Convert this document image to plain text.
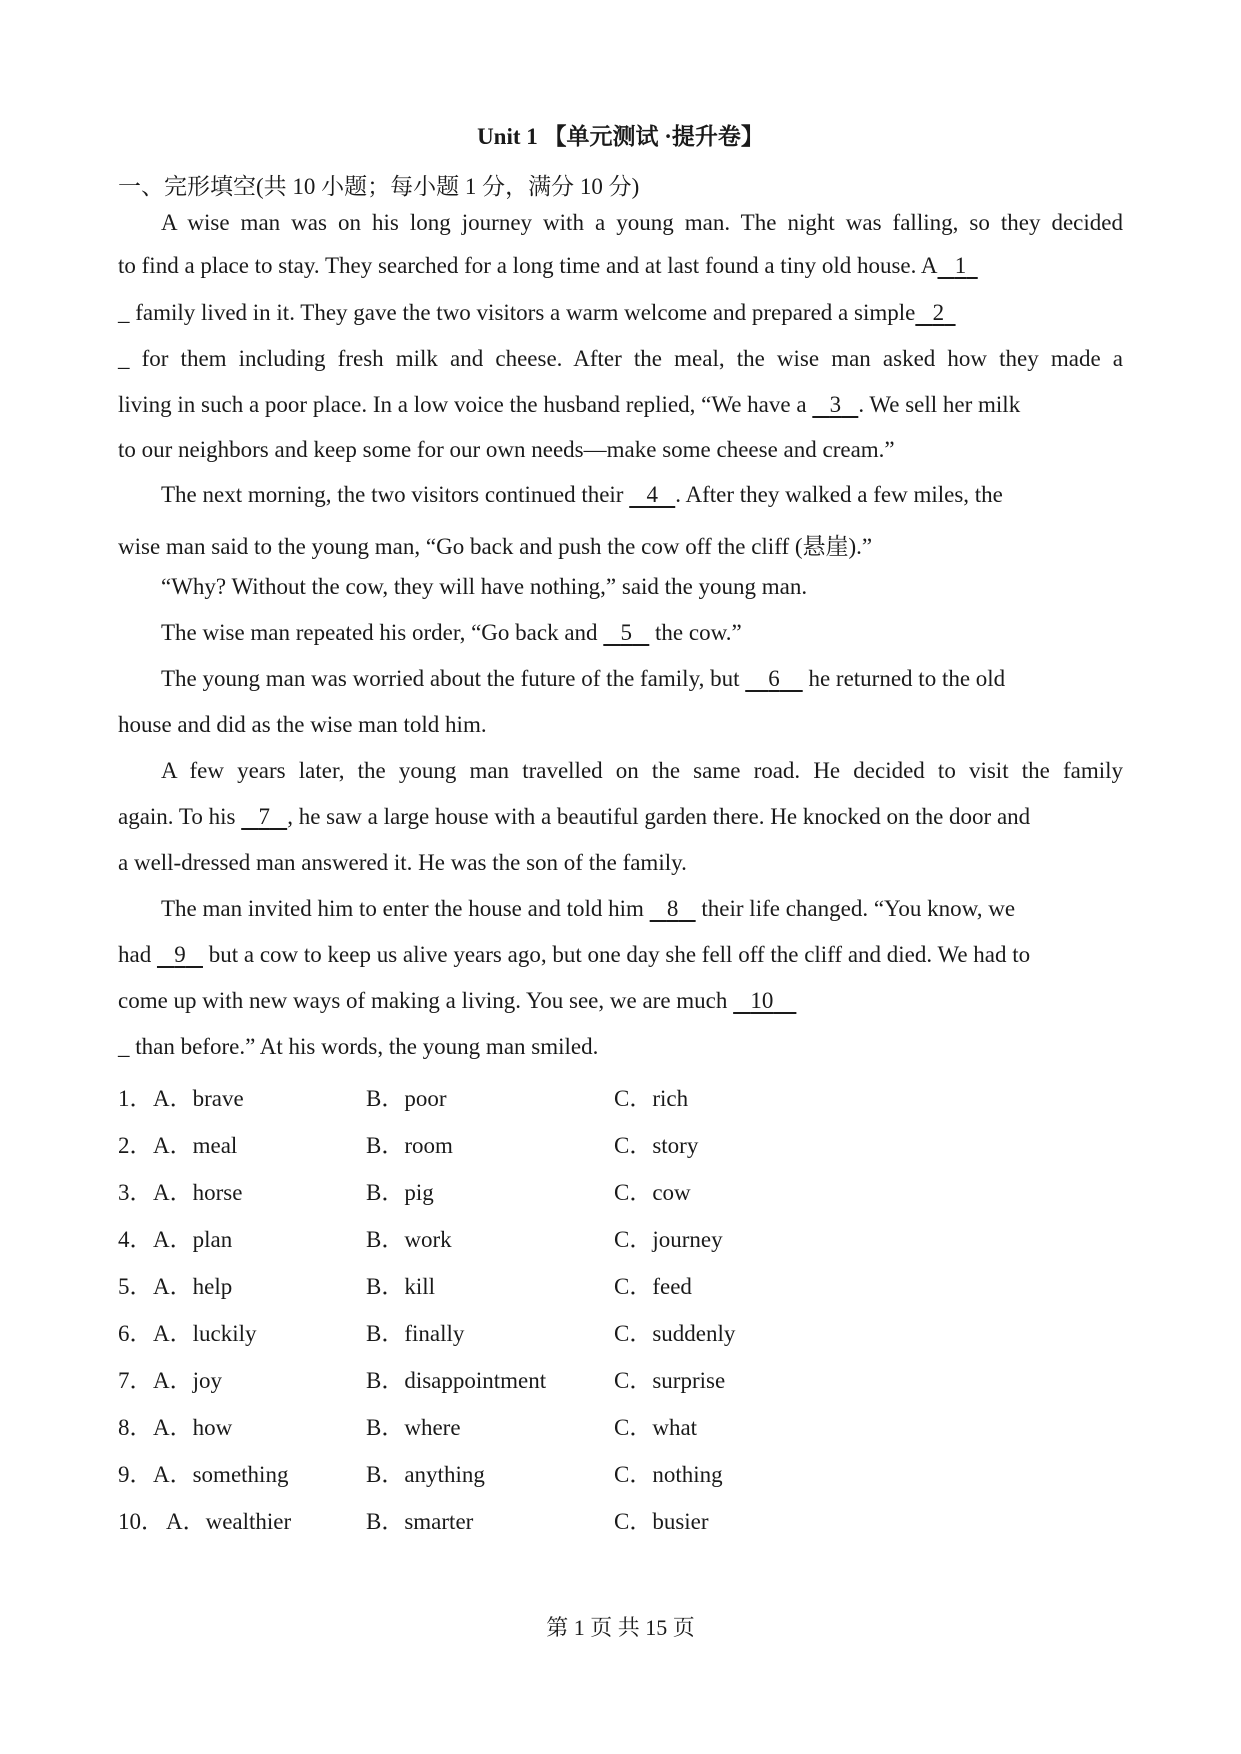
Unit 1 【单元测试 ·提升卷】
一、完形填空(共 10 小题；每小题 1 分，满分 10 分)
A wise man was on his long journey with a young man. The night was falling, so they decided
to find a place to stay. They searched for a long time and at last found a tiny old house. A 1
_ family lived in it. They gave the two visitors a warm welcome and prepared a simple 2
_ for them including fresh milk and cheese. After the meal, the wise man asked how they made a
living in such a poor place. In a low voice the husband replied, “We have a 3 . We sell her milk
to our neighbors and keep some for our own needs—make some cheese and cream.”
The next morning, the two visitors continued their 4 . After they walked a few miles, the
wise man said to the young man, “Go back and push the cow off the cliff (悬崖).”
“Why? Without the cow, they will have nothing,” said the young man.
The wise man repeated his order, “Go back and 5 the cow.”
The young man was worried about the future of the family, but 6 he returned to the old
house and did as the wise man told him.
A few years later, the young man travelled on the same road. He decided to visit the family
again. To his 7 , he saw a large house with a beautiful garden there. He knocked on the door and
a well-dressed man answered it. He was the son of the family.
The man invited him to enter the house and told him 8 their life changed. “You know, we
had 9 but a cow to keep us alive years ago, but one day she fell off the cliff and died. We had to
come up with new ways of making a living. You see, we are much 10
_ than before.” At his words, the young man smiled.
1． A．brave	B．poor	C．rich
2． A．meal	B．room	C．story
3． A．horse	B．pig	C．cow
4． A．plan	B．work	C．journey
5． A．help	B．kill	C．feed
6． A．luckily	B．finally	C．suddenly
7． A．joy	B．disappointment	C．surprise
8． A．how	B．where	C．what
9． A．something	B．anything	C．nothing
10． A．wealthier	B．smarter	C．busier
第 1 页 共 15 页
